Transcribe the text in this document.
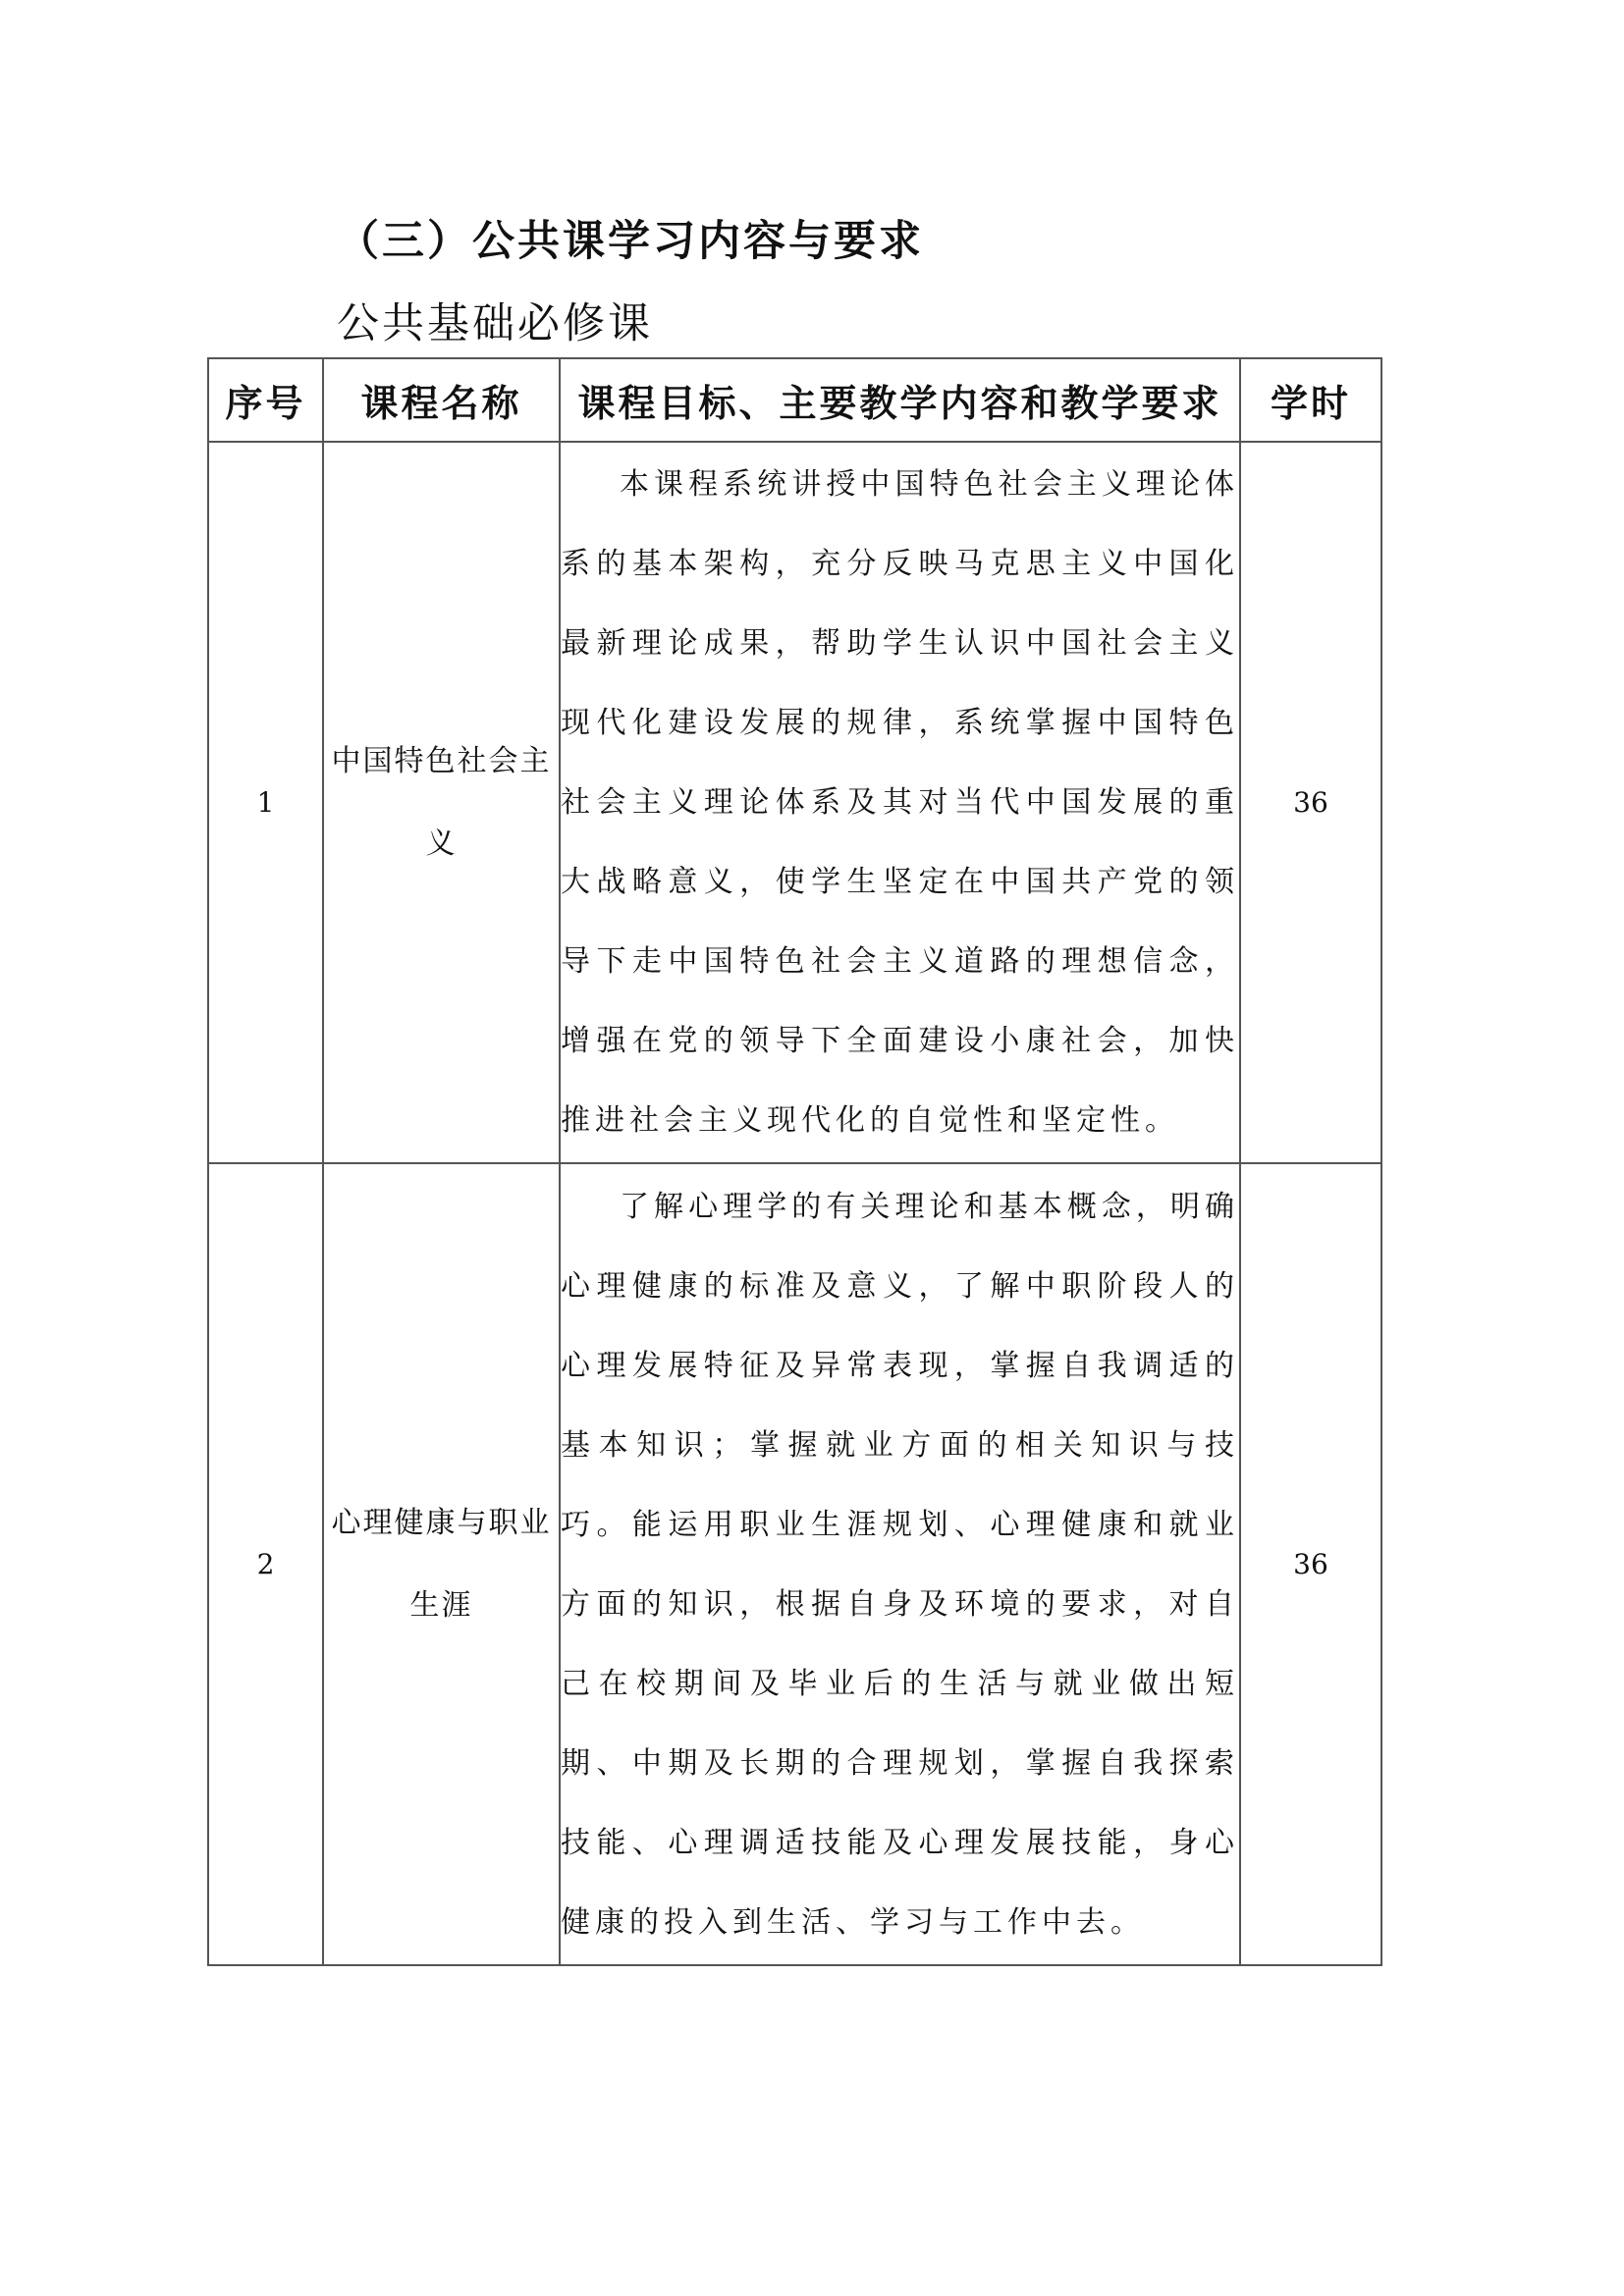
（三）公共课学习内容与要求
公共基础必修课
序号	课程名称	课程目标、主要教学内容和教学要求	学时
1	中国特色社会主义	本课程系统讲授中国特色社会主义理论体系的基本架构，充分反映马克思主义中国化最新理论成果，帮助学生认识中国社会主义现代化建设发展的规律，系统掌握中国特色社会主义理论体系及其对当代中国发展的重大战略意义，使学生坚定在中国共产党的领导下走中国特色社会主义道路的理想信念，增强在党的领导下全面建设小康社会，加快推进社会主义现代化的自觉性和坚定性。	36
2	心理健康与职业生涯	了解心理学的有关理论和基本概念，明确心理健康的标准及意义，了解中职阶段人的心理发展特征及异常表现，掌握自我调适的基本知识；掌握就业方面的相关知识与技巧。能运用职业生涯规划、心理健康和就业方面的知识，根据自身及环境的要求，对自己在校期间及毕业后的生活与就业做出短期、中期及长期的合理规划，掌握自我探索技能、心理调适技能及心理发展技能，身心健康的投入到生活、学习与工作中去。	36
